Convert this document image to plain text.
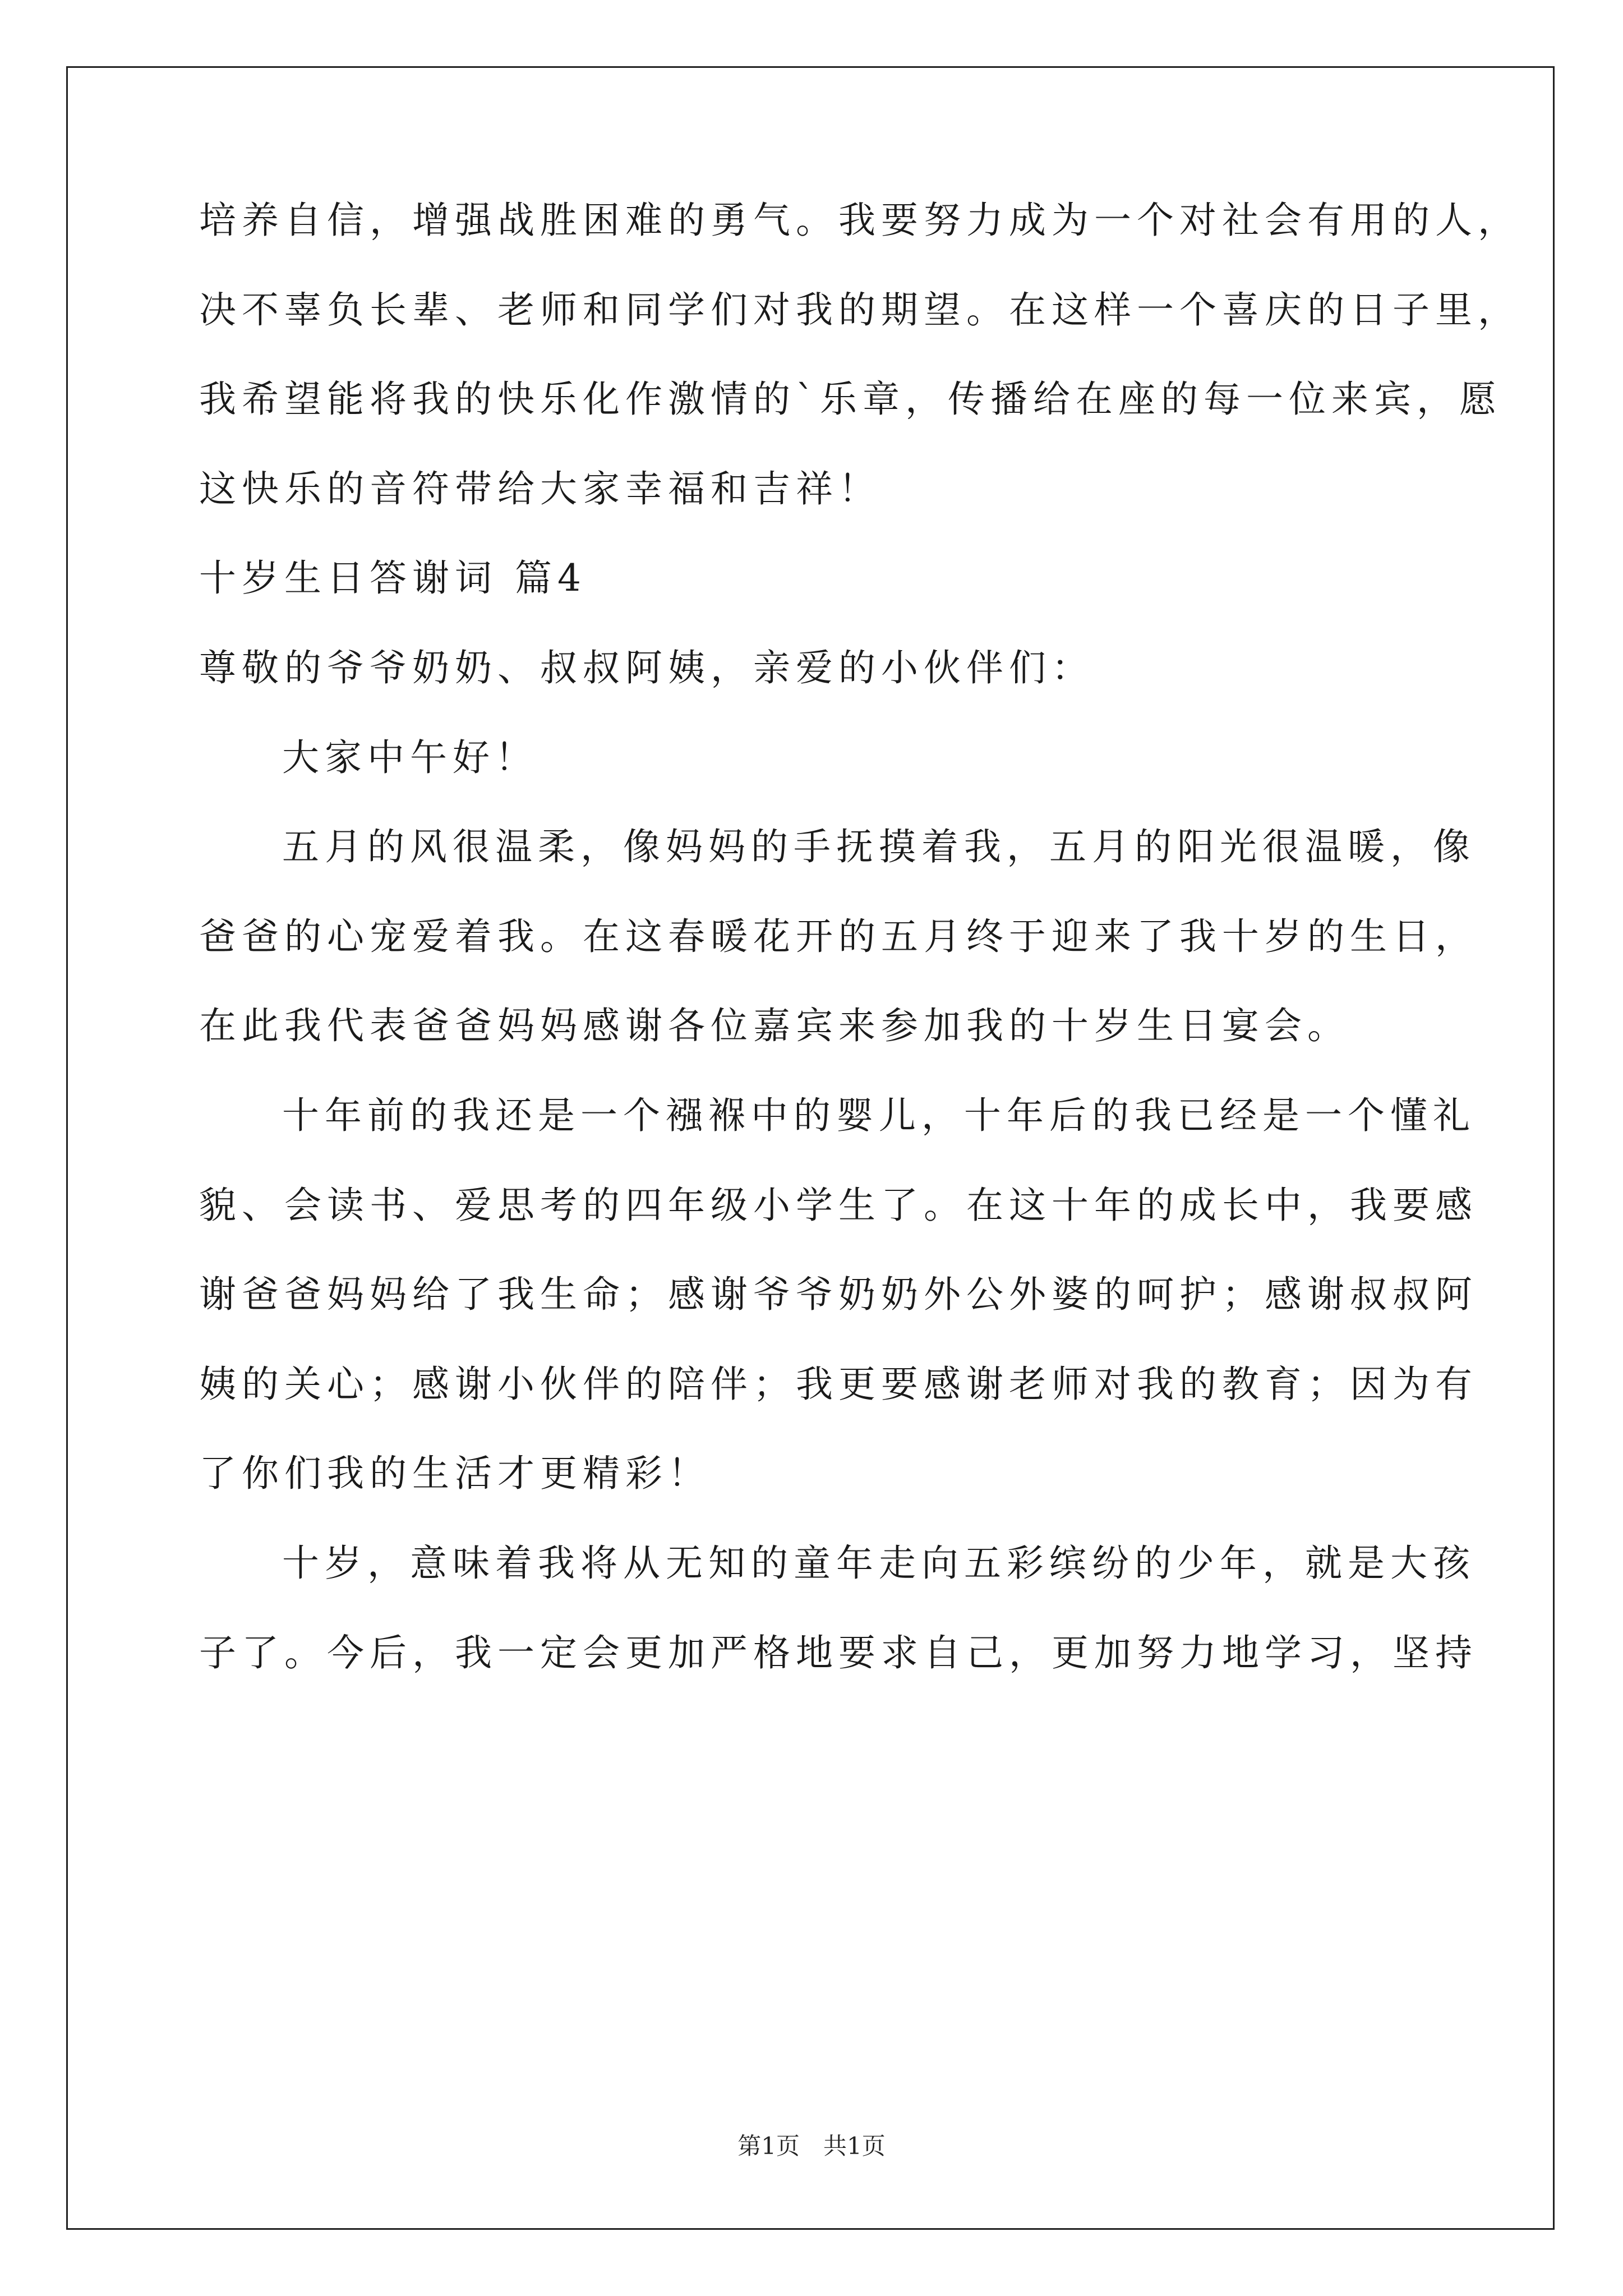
培养自信，增强战胜困难的勇气。我要努力成为一个对社会有用的人，
决不辜负长辈、老师和同学们对我的期望。在这样一个喜庆的日子里，
我希望能将我的快乐化作激情的`乐章，传播给在座的每一位来宾，愿
这快乐的音符带给大家幸福和吉祥！
十岁生日答谢词 篇4
尊敬的爷爷奶奶、叔叔阿姨，亲爱的小伙伴们：
大家中午好！
五月的风很温柔，像妈妈的手抚摸着我，五月的阳光很温暖，像
爸爸的心宠爱着我。在这春暖花开的五月终于迎来了我十岁的生日，
在此我代表爸爸妈妈感谢各位嘉宾来参加我的十岁生日宴会。
十年前的我还是一个襁褓中的婴儿，十年后的我已经是一个懂礼
貌、会读书、爱思考的四年级小学生了。在这十年的成长中，我要感
谢爸爸妈妈给了我生命；感谢爷爷奶奶外公外婆的呵护；感谢叔叔阿
姨的关心；感谢小伙伴的陪伴；我更要感谢老师对我的教育；因为有
了你们我的生活才更精彩！
十岁，意味着我将从无知的童年走向五彩缤纷的少年，就是大孩
子了。今后，我一定会更加严格地要求自己，更加努力地学习，坚持
第1页　共1页
